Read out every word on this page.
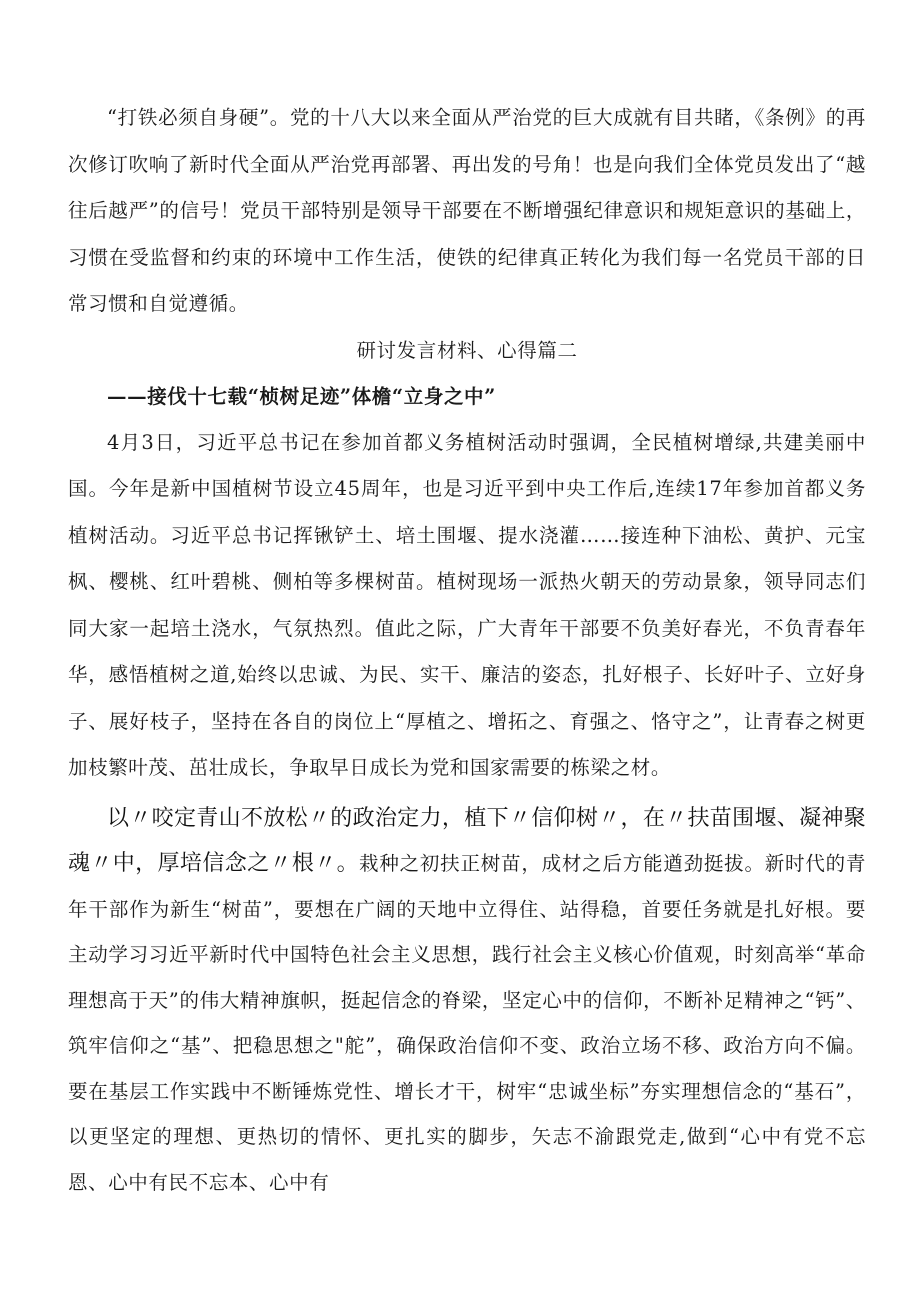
“打铁必须自身硬”。党的十八大以来全面从严治党的巨大成就有目共睹，《条例》的再次修订吹响了新时代全面从严治党再部署、再出发的号角！也是向我们全体党员发出了“越往后越严”的信号！党员干部特别是领导干部要在不断增强纪律意识和规矩意识的基础上，习惯在受监督和约束的环境中工作生活，使铁的纪律真正转化为我们每一名党员干部的日常习惯和自觉遵循。

研讨发言材料、心得篇二

——接伐十七载“桢树足迹”体檐“立身之中”

4月3日，习近平总书记在参加首都义务植树活动时强调，全民植树增绿,共建美丽中国。今年是新中国植树节设立45周年，也是习近平到中央工作后,连续17年参加首都义务植树活动。习近平总书记挥锹铲土、培土围堰、提水浇灌……接连种下油松、黄护、元宝枫、樱桃、红叶碧桃、侧柏等多棵树苗。植树现场一派热火朝天的劳动景象，领导同志们同大家一起培土浇水，气氛热烈。值此之际，广大青年干部要不负美好春光，不负青春年华，感悟植树之道,始终以忠诚、为民、实干、廉洁的姿态，扎好根子、长好叶子、立好身子、展好枝子，坚持在各自的岗位上“厚植之、增拓之、育强之、恪守之”，让青春之树更加枝繁叶茂、茁壮成长，争取早日成长为党和国家需要的栋梁之材。

以〃咬定青山不放松〃的政治定力，植下〃信仰树〃，在〃扶苗围堰、凝神聚魂〃中，厚培信念之〃根〃。栽种之初扶正树苗，成材之后方能遒劲挺拔。新时代的青年干部作为新生“树苗”，要想在广阔的天地中立得住、站得稳，首要任务就是扎好根。要主动学习习近平新时代中国特色社会主义思想，践行社会主义核心价值观，时刻高举“革命理想高于天”的伟大精神旗帜，挺起信念的脊梁，坚定心中的信仰，不断补足精神之“钙”、筑牢信仰之“基”、把稳思想之"舵”，确保政治信仰不变、政治立场不移、政治方向不偏。要在基层工作实践中不断锤炼党性、增长才干，树牢“忠诚坐标”夯实理想信念的“基石”，以更坚定的理想、更热切的情怀、更扎实的脚步，矢志不渝跟党走,做到“心中有党不忘恩、心中有民不忘本、心中有
